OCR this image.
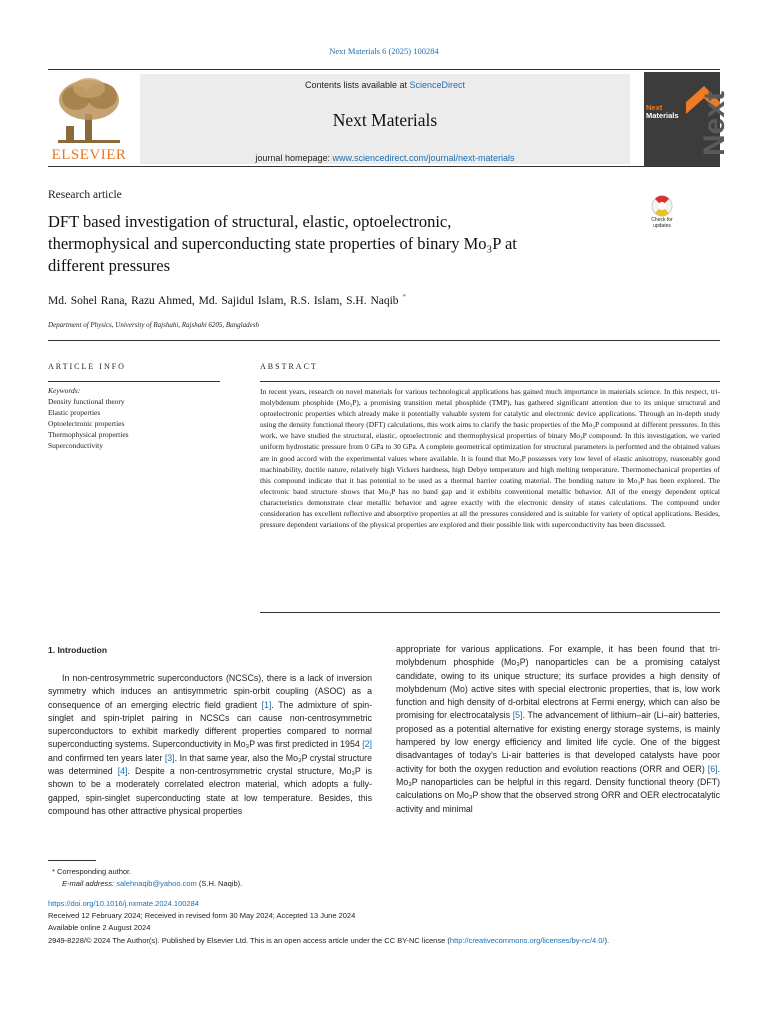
Next Materials 6 (2025) 100284
ELSEVIER
Contents lists available at ScienceDirect
Next Materials
journal homepage: www.sciencedirect.com/journal/next-materials
Next
Next
Materials
Research article
DFT based investigation of structural, elastic, optoelectronic,
thermophysical and superconducting state properties of binary Mo₃P at
different pressures
Check for updates
Md. Sohel Rana, Razu Ahmed, Md. Sajidul Islam, R.S. Islam, S.H. Naqib *
Department of Physics, University of Rajshahi, Rajshahi 6205, Bangladesh
ARTICLE INFO	ABSTRACT
Keywords:
Density functional theory
Elastic properties
Optoelectronic properties
Thermophysical properties
Superconductivity
In recent years, research on novel materials for various technological applications has gained much importance in materials science. In this respect, tri-molybdenum phosphide (Mo₃P), a promising transition metal phosphide (TMP), has gathered significant attention due to its unique structural and optoelectronic properties which already make it potentially valuable system for catalytic and electronic device applications. Through an in-depth study using the density functional theory (DFT) calculations, this work aims to clarify the basic properties of the Mo₃P compound at different pressures. In this work, we have studied the structural, elastic, optoelectronic and thermophysical properties of binary Mo₃P compound. In this investigation, we varied uniform hydrostatic pressure from 0 GPa to 30 GPa. A complete geometrical optimization for structural parameters is performed and the obtained values are in good accord with the experimental values where available. It is found that Mo₃P possesses very low level of elastic anisotropy, reasonably good machinability, ductile nature, relatively high Vickers hardness, high Debye temperature and high melting temperature. Thermomechanical properties of this compound indicate that it has potential to be used as a thermal barrier coating material. The bonding nature in Mo₃P has been explored. The electronic band structure shows that Mo₃P has no band gap and it exhibits conventional metallic behavior. All of the energy dependent optical characteristics demonstrate clear metallic behavior and agree exactly with the electronic density of states calculations. The compound under consideration has excellent reflective and absorptive properties at all the pressures considered and is suitable for variety of optical applications. Besides, pressure dependent variations of the physical properties are explored and their possible link with superconductivity has been discussed.
1. Introduction
In non-centrosymmetric superconductors (NCSCs), there is a lack of inversion symmetry which induces an antisymmetric spin-orbit coupling (ASOC) as a consequence of an emerging electric field gradient [1]. The admixture of spin-singlet and spin-triplet pairing in NCSCs can cause non-centrosymmetric superconductors to exhibit markedly different properties compared to normal superconducting systems. Superconductivity in Mo₃P was first predicted in 1954 [2] and confirmed ten years later [3]. In that same year, also the Mo₃P crystal structure was determined [4]. Despite a non-centrosymmetric crystal structure, Mo₃P is shown to be a moderately correlated electron material, which adopts a fully-gapped, spin-singlet superconducting state at low temperature. Besides, this compound has other attractive physical properties
appropriate for various applications. For example, it has been found that tri-molybdenum phosphide (Mo₃P) nanoparticles can be a promising catalyst candidate, owing to its unique structure; its surface provides a high density of molybdenum (Mo) active sites with special electronic properties, that is, low work function and high density of d-orbital electrons at Fermi energy, which can also be promising for electrocatalysis [5]. The advancement of lithium–air (Li–air) batteries, proposed as a potential alternative for existing energy storage systems, is mainly hampered by low energy efficiency and limited life cycle. One of the biggest disadvantages of today’s Li-air batteries is that developed catalysts have poor activity for both the oxygen reduction and evolution reactions (ORR and OER) [6]. Mo₃P nanoparticles can be helpful in this regard. Density functional theory (DFT) calculations on Mo₃P show that the observed strong ORR and OER electrocatalytic activity and minimal
* Corresponding author.
E-mail address: salehnaqib@yahoo.com (S.H. Naqib).
https://doi.org/10.1016/j.nxmate.2024.100284
Received 12 February 2024; Received in revised form 30 May 2024; Accepted 13 June 2024
Available online 2 August 2024
2949-8228/© 2024 The Author(s). Published by Elsevier Ltd. This is an open access article under the CC BY-NC license (http://creativecommons.org/licenses/by-nc/4.0/).
